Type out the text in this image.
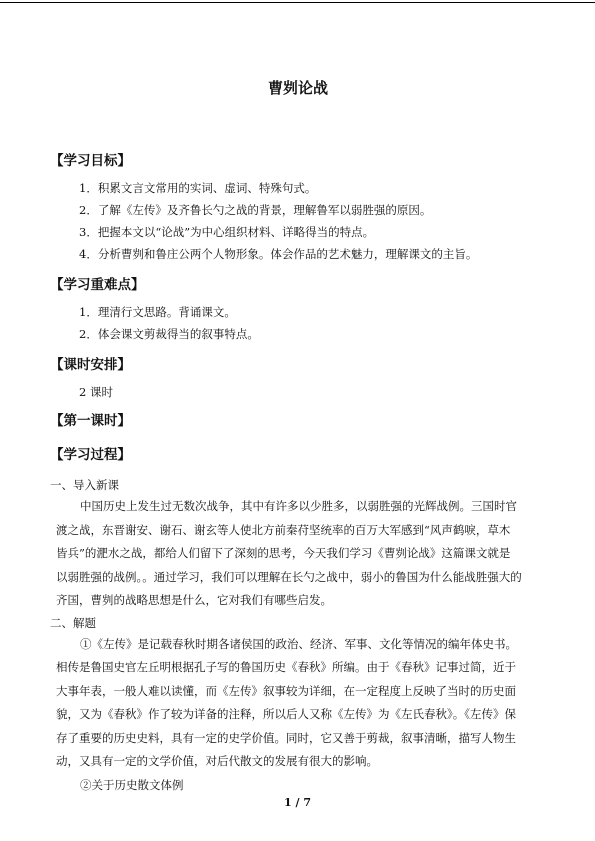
曹刿论战
【学习目标】
1．积累文言文常用的实词、虚词、特殊句式。
2．了解《左传》及齐鲁长勺之战的背景，理解鲁军以弱胜强的原因。
3．把握本文以“论战”为中心组织材料、详略得当的特点。
4．分析曹刿和鲁庄公两个人物形象。体会作品的艺术魅力，理解课文的主旨。
【学习重难点】
1．理清行文思路。背诵课文。
2．体会课文剪裁得当的叙事特点。
【课时安排】
2 课时
【第一课时】
【学习过程】
一、导入新课
中国历史上发生过无数次战争，其中有许多以少胜多，以弱胜强的光辉战例。三国时官
渡之战，东晋谢安、谢石、谢玄等人使北方前秦苻坚统率的百万大军感到“风声鹤唳，草木
皆兵”的淝水之战，都给人们留下了深刻的思考，今天我们学习《曹刿论战》这篇课文就是
以弱胜强的战例。。通过学习，我们可以理解在长勺之战中，弱小的鲁国为什么能战胜强大的
齐国，曹刿的战略思想是什么，它对我们有哪些启发。
二、解题
①《左传》是记载春秋时期各诸侯国的政治、经济、军事、文化等情况的编年体史书。
相传是鲁国史官左丘明根据孔子写的鲁国历史《春秋》所编。由于《春秋》记事过简，近于
大事年表，一般人难以读懂，而《左传》叙事较为详细，在一定程度上反映了当时的历史面
貌，又为《春秋》作了较为详备的注释，所以后人又称《左传》为《左氏春秋》。《左传》保
存了重要的历史史料，具有一定的史学价值。同时，它又善于剪裁，叙事清晰，描写人物生
动，又具有一定的文学价值，对后代散文的发展有很大的影响。
②关于历史散文体例
1 / 7
